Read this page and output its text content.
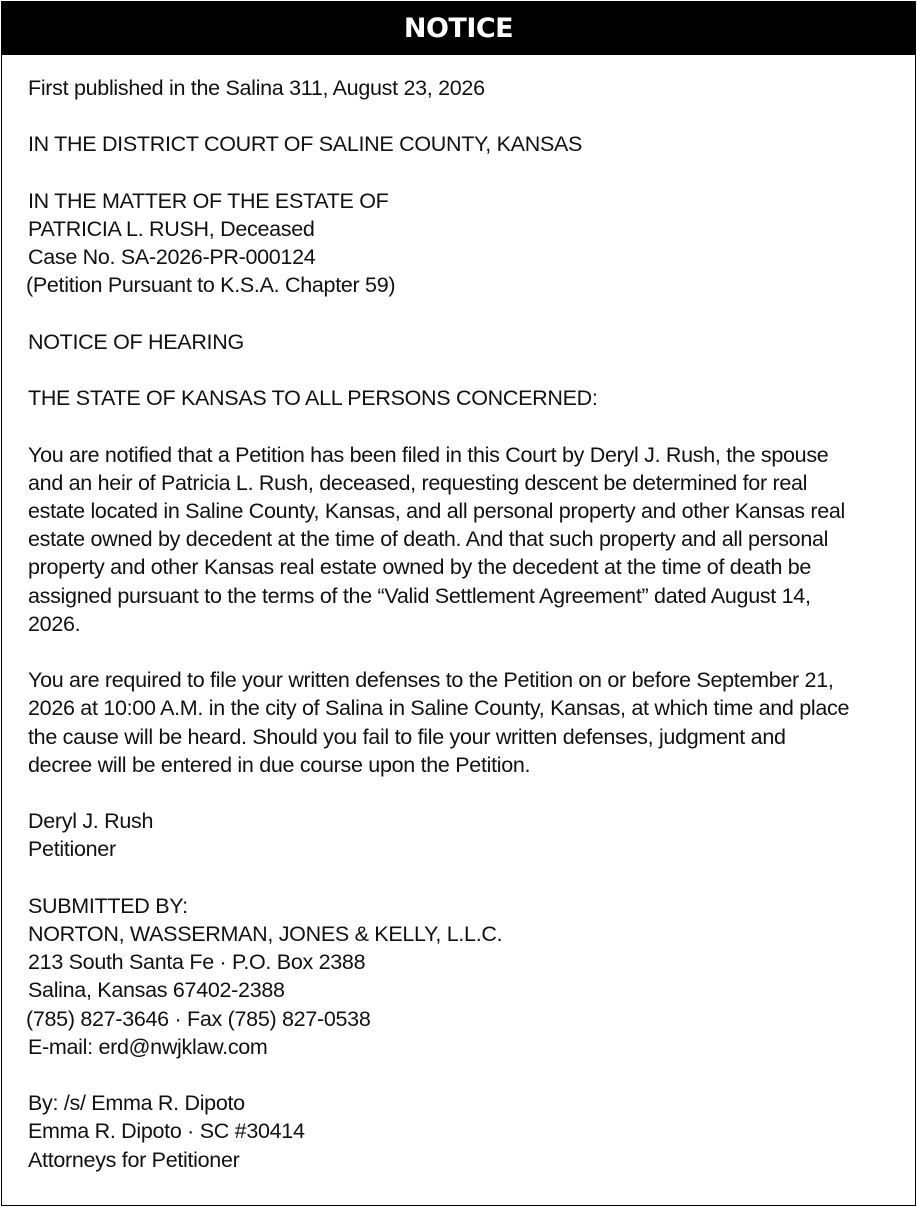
NOTICE
First published in the Salina 311, August 23, 2026
IN THE DISTRICT COURT OF SALINE COUNTY, KANSAS
IN THE MATTER OF THE ESTATE OF
PATRICIA L. RUSH, Deceased
Case No. SA-2026-PR-000124
(Petition Pursuant to K.S.A. Chapter 59)
NOTICE OF HEARING
THE STATE OF KANSAS TO ALL PERSONS CONCERNED:
You are notified that a Petition has been filed in this Court by Deryl J. Rush, the spouse
and an heir of Patricia L. Rush, deceased, requesting descent be determined for real
estate located in Saline County, Kansas, and all personal property and other Kansas real
estate owned by decedent at the time of death. And that such property and all personal
property and other Kansas real estate owned by the decedent at the time of death be
assigned pursuant to the terms of the “Valid Settlement Agreement” dated August 14,
2026.
You are required to file your written defenses to the Petition on or before September 21,
2026 at 10:00 A.M. in the city of Salina in Saline County, Kansas, at which time and place
the cause will be heard. Should you fail to file your written defenses, judgment and
decree will be entered in due course upon the Petition.
Deryl J. Rush
Petitioner
SUBMITTED BY:
NORTON, WASSERMAN, JONES & KELLY, L.L.C.
213 South Santa Fe · P.O. Box 2388
Salina, Kansas 67402-2388
(785) 827-3646 · Fax (785) 827-0538
E-mail: erd@nwjklaw.com
By: /s/ Emma R. Dipoto
Emma R. Dipoto · SC #30414
Attorneys for Petitioner
